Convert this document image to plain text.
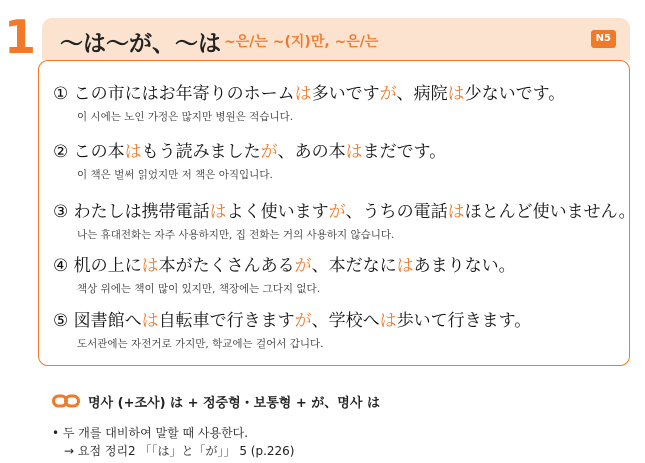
1 ～は～が、～は ~은/는 ~(지)만, ~은/는	N5
① この市にはお年寄りのホームは多いですが、病院は少ないです。
이 시에는 노인 가정은 많지만 병원은 적습니다.
② この本はもう読みましたが、あの本はまだです。
이 책은 벌써 읽었지만 저 책은 아직입니다.
③ わたしは携帯電話はよく使いますが、うちの電話はほとんど使いません。
나는 휴대전화는 자주 사용하지만, 집 전화는 거의 사용하지 않습니다.
④ 机の上には本がたくさんあるが、本だなにはあまりない。
책상 위에는 책이 많이 있지만, 책장에는 그다지 없다.
⑤ 図書館へは自転車で行きますが、学校へは歩いて行きます。
도서관에는 자전거로 가지만, 학교에는 걸어서 갑니다.
명사 (+조사) は + 정중형・보통형 + が、명사 は
• 두 개를 대비하여 말할 때 사용한다.
→ 요점 정리2 「「は」と「が」」 5 (p.226)
